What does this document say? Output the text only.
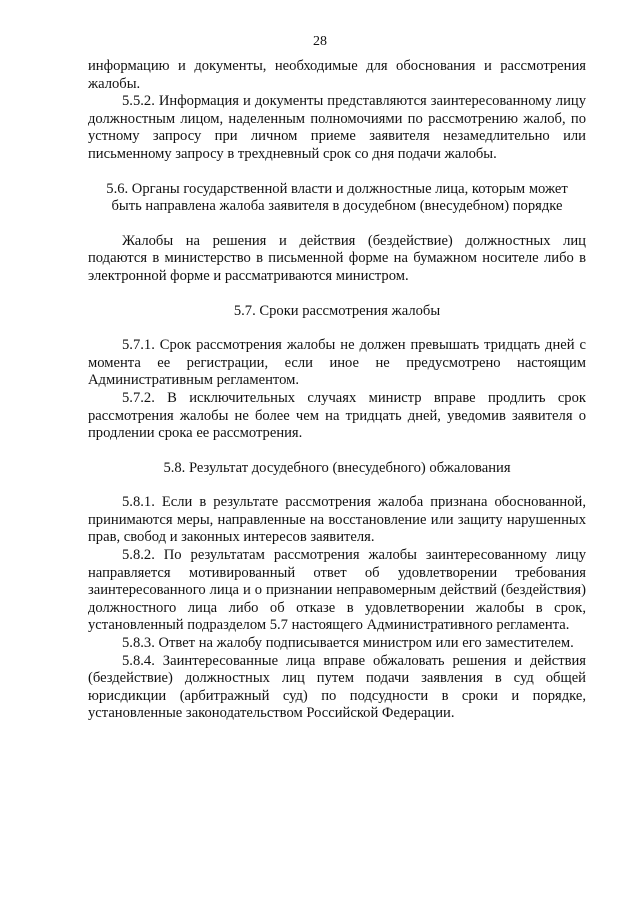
28

информацию и документы, необходимые для обоснования и рассмотрения жалобы.

5.5.2. Информация и документы представляются заинтересованному лицу должностным лицом, наделенным полномочиями по рассмотрению жалоб, по устному запросу при личном приеме заявителя незамедлительно или письменному запросу в трехдневный срок со дня подачи жалобы.

5.6. Органы государственной власти и должностные лица, которым может

быть направлена жалоба заявителя в досудебном (внесудебном) порядке

Жалобы на решения и действия (бездействие) должностных лиц подаются в министерство в письменной форме на бумажном носителе либо в электронной форме и рассматриваются министром.

5.7. Сроки рассмотрения жалобы

5.7.1. Срок рассмотрения жалобы не должен превышать тридцать дней с момента ее регистрации, если иное не предусмотрено настоящим Административным регламентом.

5.7.2. В исключительных случаях министр вправе продлить срок рассмотрения жалобы не более чем на тридцать дней, уведомив заявителя о продлении срока ее рассмотрения.

5.8. Результат досудебного (внесудебного) обжалования

5.8.1. Если в результате рассмотрения жалоба признана обоснованной, принимаются меры, направленные на восстановление или защиту нарушенных прав, свобод и законных интересов заявителя.

5.8.2. По результатам рассмотрения жалобы заинтересованному лицу направляется мотивированный ответ об удовлетворении требования заинтересованного лица и о признании неправомерным действий (бездействия) должностного лица либо об отказе в удовлетворении жалобы в срок, установленный подразделом 5.7 настоящего Административного регламента.

5.8.3. Ответ на жалобу подписывается министром или его заместителем.

5.8.4. Заинтересованные лица вправе обжаловать решения и действия (бездействие) должностных лиц путем подачи заявления в суд общей юрисдикции (арбитражный суд) по подсудности в сроки и порядке, установленные законодательством Российской Федерации.
